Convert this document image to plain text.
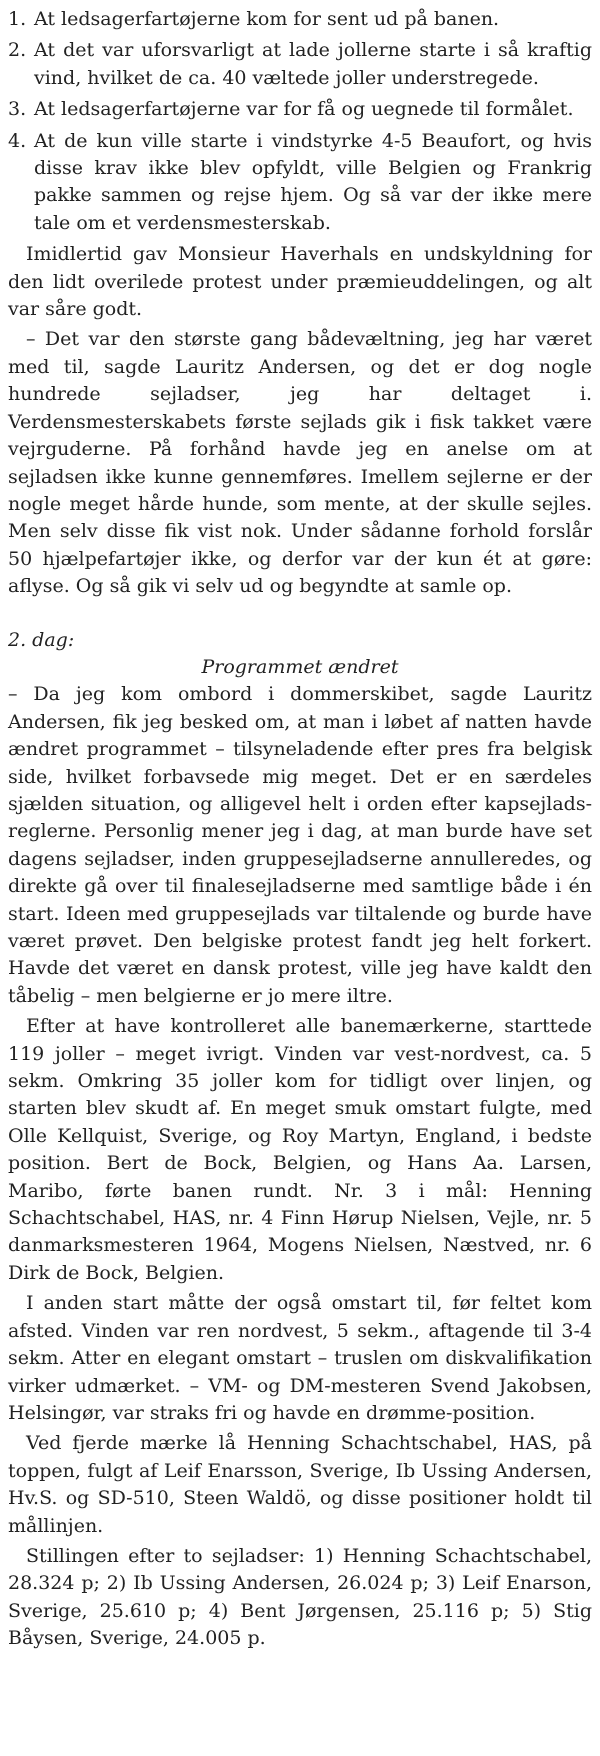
1. At ledsagerfartøjerne kom for sent ud på banen.
2. At det var uforsvarligt at lade jollerne starte i så kraftig vind, hvilket de ca. 40 væltede joller understregede.
3. At ledsagerfartøjerne var for få og uegnede til formålet.
4. At de kun ville starte i vindstyrke 4-5 Beaufort, og hvis disse krav ikke blev opfyldt, ville Belgien og Frankrig pakke sammen og rejse hjem. Og så var der ikke mere tale om et verdensmesterskab.

Imidlertid gav Monsieur Haverhals en undskyldning for den lidt overilede protest under præmieuddelingen, og alt var såre godt.

– Det var den største gang bådevæltning, jeg har været med til, sagde Lauritz Andersen, og det er dog nogle hundrede sejladser, jeg har deltaget i. Verdensmesterskabets første sejlads gik i fisk takket være vejrguderne. På forhånd havde jeg en anelse om at sejladsen ikke kunne gennemføres. Imellem sejlerne er der nogle meget hårde hunde, som mente, at der skulle sejles. Men selv disse fik vist nok. Under sådanne forhold forslår 50 hjælpefartøjer ikke, og derfor var der kun ét at gøre: aflyse. Og så gik vi selv ud og begyndte at samle op.

2. dag:
Programmet ændret

– Da jeg kom ombord i dommerskibet, sagde Lauritz Andersen, fik jeg besked om, at man i løbet af natten havde ændret programmet – tilsyneladende efter pres fra belgisk side, hvilket forbavsede mig meget. Det er en særdeles sjælden situation, og alligevel helt i orden efter kapsejlads-reglerne. Personlig mener jeg i dag, at man burde have set dagens sejladser, inden gruppesejladserne annulleredes, og direkte gå over til finalesejladserne med samtlige både i én start. Ideen med gruppesejlads var tiltalende og burde have været prøvet. Den belgiske protest fandt jeg helt forkert. Havde det været en dansk protest, ville jeg have kaldt den tåbelig – men belgierne er jo mere iltre.

Efter at have kontrolleret alle banemærkerne, starttede 119 joller – meget ivrigt. Vinden var vest-nordvest, ca. 5 sekm. Omkring 35 joller kom for tidligt over linjen, og starten blev skudt af. En meget smuk omstart fulgte, med Olle Kellquist, Sverige, og Roy Martyn, England, i bedste position. Bert de Bock, Belgien, og Hans Aa. Larsen, Maribo, førte banen rundt. Nr. 3 i mål: Henning Schachtschabel, HAS, nr. 4 Finn Hørup Nielsen, Vejle, nr. 5 danmarksmesteren 1964, Mogens Nielsen, Næstved, nr. 6 Dirk de Bock, Belgien.

I anden start måtte der også omstart til, før feltet kom afsted. Vinden var ren nordvest, 5 sekm., aftagende til 3-4 sekm. Atter en elegant omstart – truslen om diskvalifikation virker udmærket. – VM- og DM-mesteren Svend Jakobsen, Helsingør, var straks fri og havde en drømme-position.

Ved fjerde mærke lå Henning Schachtschabel, HAS, på toppen, fulgt af Leif Enarsson, Sverige, Ib Ussing Andersen, Hv.S. og SD-510, Steen Waldö, og disse positioner holdt til mållinjen.

Stillingen efter to sejladser: 1) Henning Schachtschabel, 28.324 p; 2) Ib Ussing Andersen, 26.024 p; 3) Leif Enarson, Sverige, 25.610 p; 4) Bent Jørgensen, 25.116 p; 5) Stig Båysen, Sverige, 24.005 p.
